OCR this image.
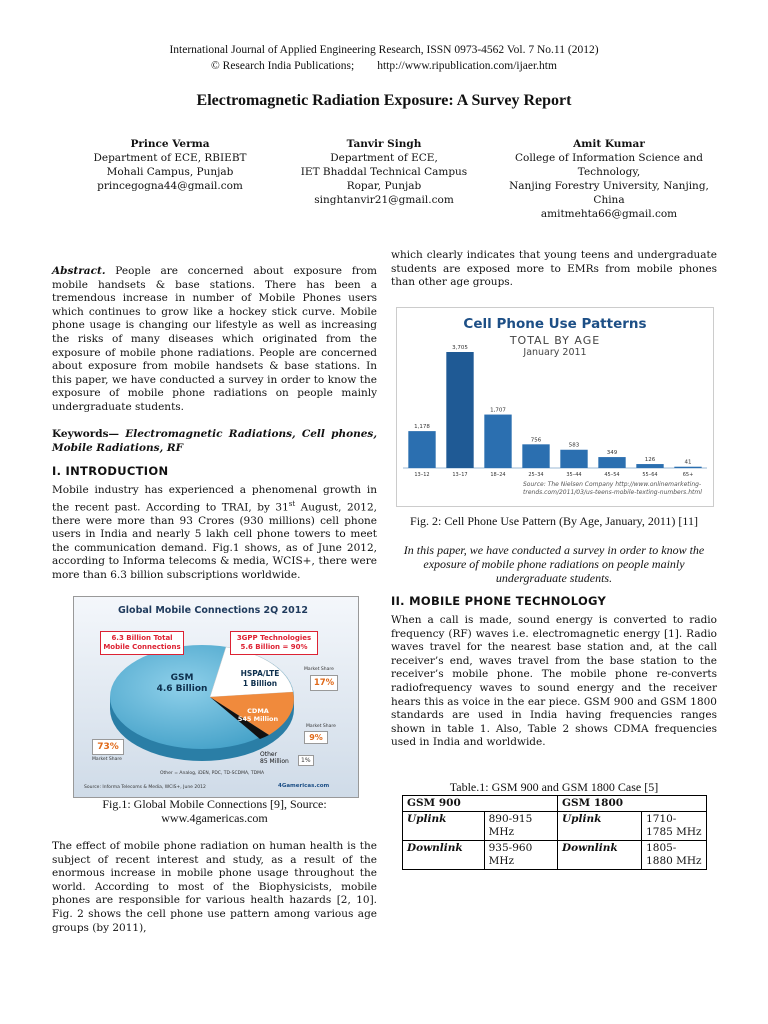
International Journal of Applied Engineering Research, ISSN 0973-4562 Vol. 7 No.11 (2012)
© Research India Publications; http://www.ripublication.com/ijaer.htm
Electromagnetic Radiation Exposure: A Survey Report
Prince Verma
Department of ECE, RBIEBT
Mohali Campus, Punjab
princegogna44@gmail.com
Tanvir Singh
Department of ECE,
IET Bhaddal Technical Campus
Ropar, Punjab
singhtanvir21@gmail.com
Amit Kumar
College of Information Science and
Technology,
Nanjing Forestry University, Nanjing,
China
amitmehta66@gmail.com

Abstract. People are concerned about exposure from mobile handsets & base stations. There has been a tremendous increase in number of Mobile Phones users which continues to grow like a hockey stick curve. Mobile phone usage is changing our lifestyle as well as increasing the risks of many diseases which originated from the exposure of mobile phone radiations. People are concerned about exposure from mobile handsets & base stations. In this paper, we have conducted a survey in order to know the exposure of mobile phone radiations on people mainly undergraduate students.

Keywords— Electromagnetic Radiations, Cell phones, Mobile Radiations, RF

I. INTRODUCTION

Mobile industry has experienced a phenomenal growth in the recent past. According to TRAI, by 31st August, 2012, there were more than 93 Crores (930 millions) cell phone users in India and nearly 5 lakh cell phone towers to meet the communication demand. Fig.1 shows, as of June 2012, according to Informa telecoms & media, WCIS+, there were more than 6.3 billion subscriptions worldwide.

Global Mobile Connections 2Q 2012
6.3 Billion Total Mobile Connections
3GPP Technologies
5.6 Billion = 90%
GSM
4.6 Billion
HSPA/LTE
1 Billion
CDMA
545 Million
Market Share
17%
Market Share
9%
Other
85 Million	1%
73%
Market Share
Other = Analog, iDEN, PDC, TD-SCDMA, TDMA
Source: Informa Telecoms & Media, WCIS+, June 2012	4Gamericas.com
Fig.1: Global Mobile Connections [9], Source:
www.4gamericas.com

The effect of mobile phone radiation on human health is the subject of recent interest and study, as a result of the enormous increase in mobile phone usage throughout the world. According to most of the Biophysicists, mobile phones are responsible for various health hazards [2, 10]. Fig. 2 shows the cell phone use pattern among various age groups (by 2011),

which clearly indicates that young teens and undergraduate students are exposed more to EMRs from mobile phones than other age groups.

Cell Phone Use Patterns
TOTAL BY AGE
January 2011
1,178
13–12
3,705
13–17
1,707
18–24
756
25–34
583
35–44
349
45–54
126
55–64
41
65+
Source: The Nielsen Company http://www.onlinemarketing-
trends.com/2011/03/us-teens-mobile-texting-numbers.html
Fig. 2: Cell Phone Use Pattern (By Age, January, 2011) [11]
In this paper, we have conducted a survey in order to know the exposure of mobile phone radiations on people mainly undergraduate students.
II. MOBILE PHONE TECHNOLOGY

When a call is made, sound energy is converted to radio frequency (RF) waves i.e. electromagnetic energy [1]. Radio waves travel for the nearest base station and, at the call receiver’s end, waves travel from the base station to the receiver’s mobile phone. The mobile phone re-converts radiofrequency waves to sound energy and the receiver hears this as voice in the ear piece. GSM 900 and GSM 1800 standards are used in India having frequencies ranges shown in table 1. Also, Table 2 shows CDMA frequencies used in India and worldwide.

Table.1: GSM 900 and GSM 1800 Case [5]
GSM 900		GSM 1800	
Uplink	890-915 MHz	Uplink	1710-1785 MHz
Downlink	935-960 MHz	Downlink	1805-1880 MHz
